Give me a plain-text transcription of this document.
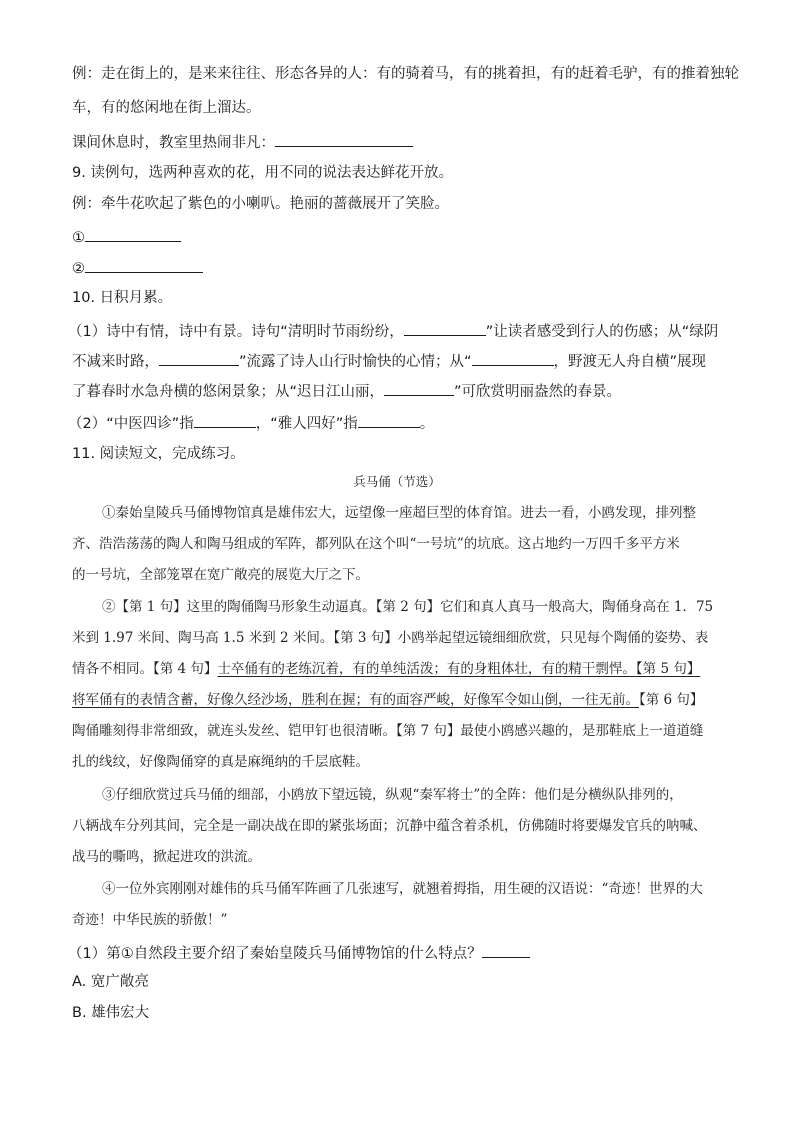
例：走在街上的，是来来往往、形态各异的人：有的骑着马，有的挑着担，有的赶着毛驴，有的推着独轮
车，有的悠闲地在街上溜达。
课间休息时，教室里热闹非凡：
9. 读例句，选两种喜欢的花，用不同的说法表达鲜花开放。
例：牵牛花吹起了紫色的小喇叭。艳丽的蔷薇展开了笑脸。
①
②
10. 日积月累。
（1）诗中有情，诗中有景。诗句“清明时节雨纷纷，	”让读者感受到行人的伤感；从“绿阴
不减来时路，	”流露了诗人山行时愉快的心情；从“	，野渡无人舟自横”展现
了暮春时水急舟横的悠闲景象；从“迟日江山丽，	”可欣赏明丽盎然的春景。
（2）“中医四诊”指	，“雅人四好”指	。
11. 阅读短文，完成练习。
兵马俑（节选）
①秦始皇陵兵马俑博物馆真是雄伟宏大，远望像一座超巨型的体育馆。进去一看，小鸥发现，排列整
齐、浩浩荡荡的陶人和陶马组成的军阵，都列队在这个叫“一号坑”的坑底。这占地约一万四千多平方米
的一号坑，全部笼罩在宽广敞亮的展览大厅之下。
②【第 1 句】这里的陶俑陶马形象生动逼真。【第 2 句】它们和真人真马一般高大，陶俑身高在 1．75
米到 1.97 米间、陶马高 1.5 米到 2 米间。【第 3 句】小鸥举起望远镜细细欣赏，只见每个陶俑的姿势、表
情各不相同。【第 4 句】士卒俑有的老练沉着，有的单纯活泼；有的身粗体壮，有的精干剽悍。【第 5 句】
将军俑有的表情含蓄，好像久经沙场，胜利在握；有的面容严峻，好像军令如山倒，一往无前。【第 6 句】
陶俑雕刻得非常细致，就连头发丝、铠甲钉也很清晰。【第 7 句】最使小鸥感兴趣的，是那鞋底上一道道缝
扎的线纹，好像陶俑穿的真是麻绳纳的千层底鞋。
③仔细欣赏过兵马俑的细部，小鸥放下望远镜，纵观“秦军将士”的全阵：他们是分横纵队排列的，
八辆战车分列其间，完全是一副决战在即的紧张场面；沉静中蕴含着杀机，仿佛随时将要爆发官兵的呐喊、
战马的嘶鸣，掀起进攻的洪流。
④一位外宾刚刚对雄伟的兵马俑军阵画了几张速写，就翘着拇指，用生硬的汉语说：“奇迹！世界的大
奇迹！中华民族的骄傲！”
（1）第①自然段主要介绍了秦始皇陵兵马俑博物馆的什么特点？
A. 宽广敞亮
B. 雄伟宏大
